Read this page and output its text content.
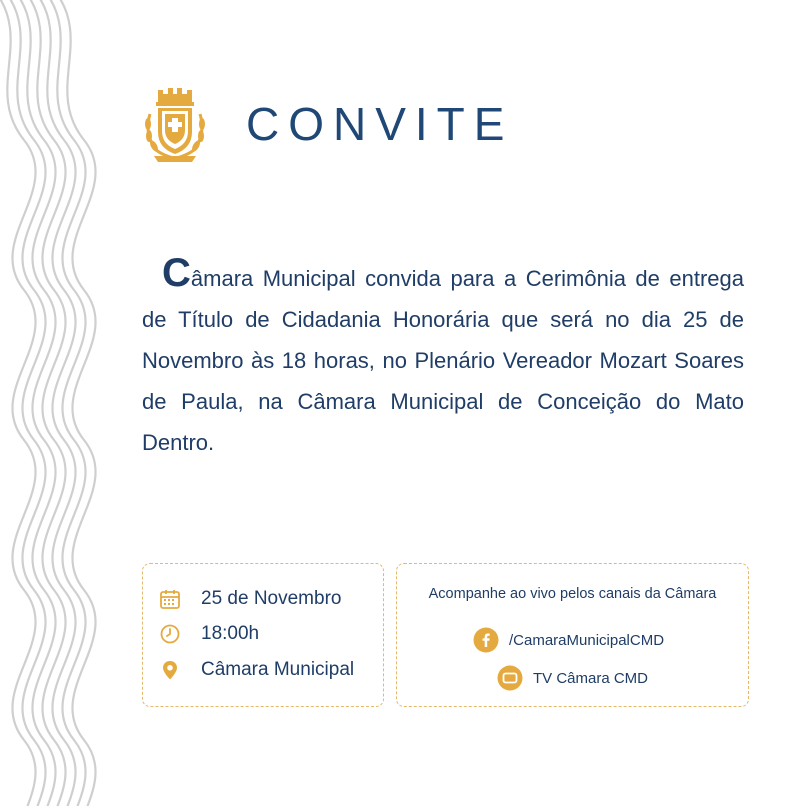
CONVITE

Câmara Municipal convida para a Cerimônia de entrega de Título de Cidadania Honorária que será no dia 25 de Novembro às 18 horas, no Plenário Vereador Mozart Soares de Paula, na Câmara Municipal de Conceição do Mato Dentro.

25 de Novembro
18:00h
Câmara Municipal
Acompanhe ao vivo pelos canais da Câmara
/CamaraMunicipalCMD
TV Câmara CMD
